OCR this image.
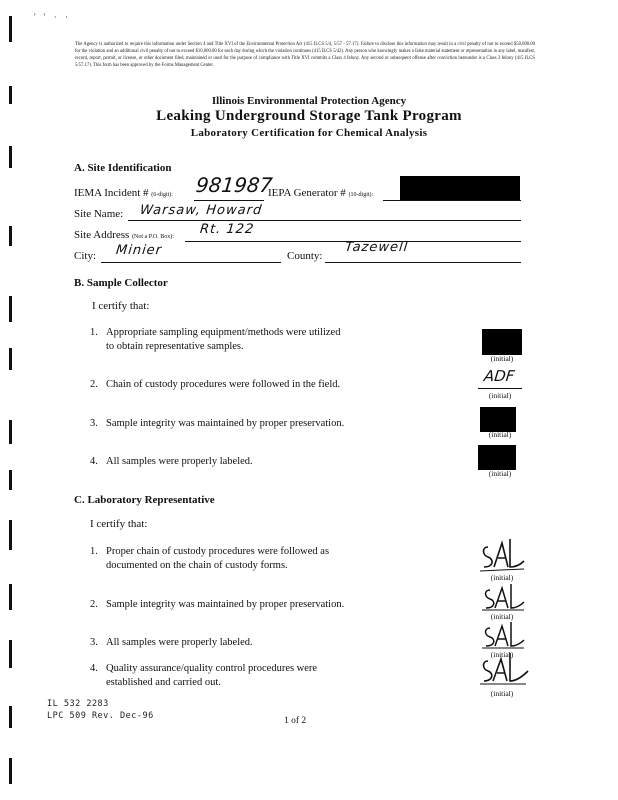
' ' · ·
The Agency is authorized to require this information under Section 4 and Title XVI of the Environmental Protection Act (415 ILCS 5/4, 5/57 - 57.17). Failure to disclose this information may result in a civil penalty of not to exceed $50,000.00 for the violation and an additional civil penalty of not to exceed $10,000.00 for each day during which the violation continues (415 ILCS 5/42). Any person who knowingly makes a false material statement or representation in any label, manifest, record, report, permit, or license, or other document filed, maintained or used for the purpose of compliance with Title XVI commits a Class 4 felony. Any second or subsequent offense after conviction hereunder is a Class 3 felony (415 ILCS 5/57.17). This form has been approved by the Forms Management Center.
Illinois Environmental Protection Agency
Leaking Underground Storage Tank Program
Laboratory Certification for Chemical Analysis
A. Site Identification
IEMA Incident # (6-digit): 981987
IEPA Generator # (10-digit):
Site Name: Warsaw, Howard
Site Address (Not a P.O. Box): Rt. 122
City: Minier	County:
Tazewell
B. Sample Collector
I certify that:
1. Appropriate sampling equipment/methods were utilized
to obtain representative samples.
(initial)
2. Chain of custody procedures were followed in the field.	ADF
(initial)
3. Sample integrity was maintained by proper preservation.
(initial)
4. All samples were properly labeled.
(initial)
C. Laboratory Representative
I certify that:
1. Proper chain of custody procedures were followed as
documented on the chain of custody forms.
(initial)
2. Sample integrity was maintained by proper preservation.
(initial)
3. All samples were properly labeled.
(initial)
4. Quality assurance/quality control procedures were
established and carried out.
(initial)
IL 532 2283
LPC 509 Rev. Dec-96	1 of 2
